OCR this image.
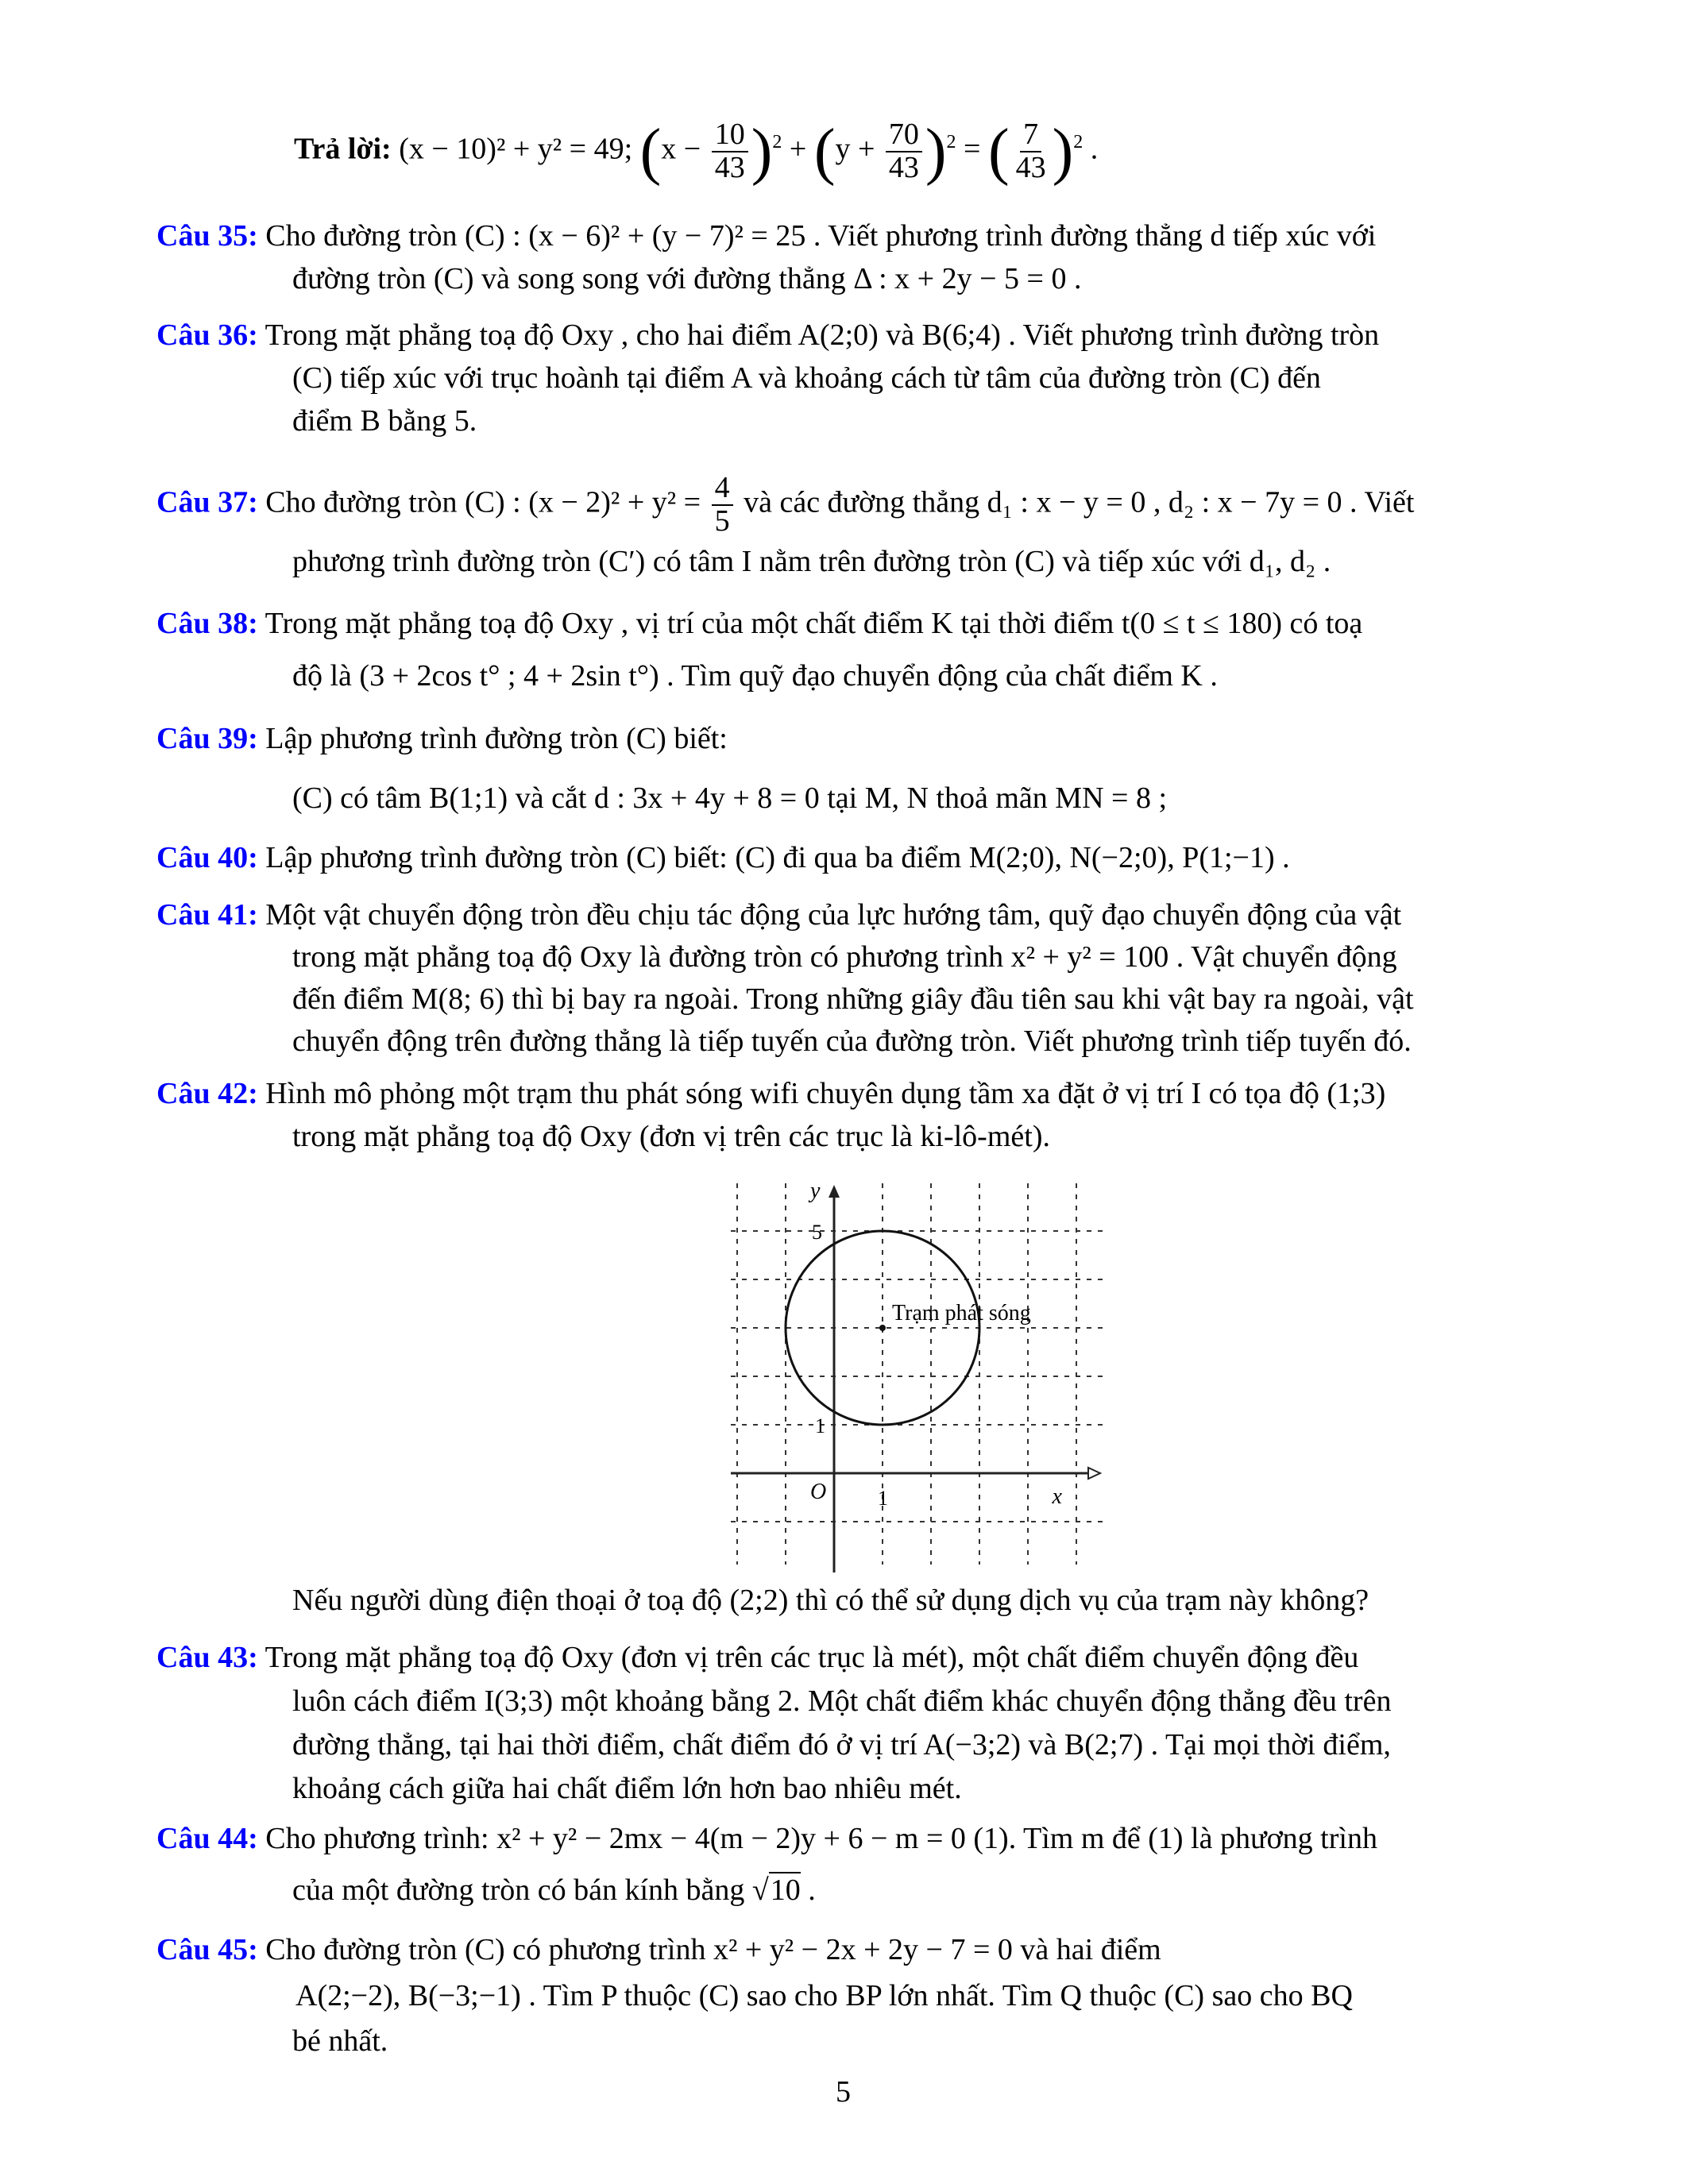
Trả lời: (x − 10)² + y² = 49; $(x - \frac{10}{43} )^2 + (y + \frac{70}{43} )^2$ = ( $\frac{7}{43} )^2$ .
Câu 35: Cho đường tròn (C) : (x − 6)² + (y − 7)² = 25 . Viết phương trình đường thẳng d tiếp xúc với
đường tròn (C) và song song với đường thẳng Δ : x + 2y − 5 = 0 .
Câu 36: Trong mặt phẳng toạ độ Oxy , cho hai điểm A(2;0) và B(6;4) . Viết phương trình đường tròn
(C) tiếp xúc với trục hoành tại điểm A và khoảng cách từ tâm của đường tròn (C) đến
điểm B bằng 5.
Câu 37: Cho đường tròn (C) : $(x - 2)^2 + y^2 = \frac{4}{5}$ và các đường thẳng d₁ : x − y = 0 , d₂ : x − 7y = 0 . Viết
phương trình đường tròn (C′) có tâm I nằm trên đường tròn (C) và tiếp xúc với d₁, d₂ .
Câu 38: Trong mặt phẳng toạ độ Oxy , vị trí của một chất điểm K tại thời điểm t(0 ≤ t ≤ 180) có toạ
độ là (3 + 2cos t° ; 4 + 2sin t°) . Tìm quỹ đạo chuyển động của chất điểm K .
Câu 39: Lập phương trình đường tròn (C) biết:
(C) có tâm B(1;1) và cắt d : 3x + 4y + 8 = 0 tại M, N thoả mãn MN = 8 ;
Câu 40: Lập phương trình đường tròn (C) biết: (C) đi qua ba điểm M(2;0), N(−2;0), P(1;−1) .
Câu 41: Một vật chuyển động tròn đều chịu tác động của lực hướng tâm, quỹ đạo chuyển động của vật
trong mặt phẳng toạ độ Oxy là đường tròn có phương trình x² + y² = 100 . Vật chuyển động
đến điểm M(8; 6) thì bị bay ra ngoài. Trong những giây đầu tiên sau khi vật bay ra ngoài, vật
chuyển động trên đường thẳng là tiếp tuyến của đường tròn. Viết phương trình tiếp tuyến đó.
Câu 42: Hình mô phỏng một trạm thu phát sóng wifi chuyên dụng tầm xa đặt ở vị trí I có tọa độ (1;3)
trong mặt phẳng toạ độ Oxy (đơn vị trên các trục là ki-lô-mét).
Trạm phát sóng
y
x
O 1
1
5
Nếu người dùng điện thoại ở toạ độ (2;2) thì có thể sử dụng dịch vụ của trạm này không?
Câu 43: Trong mặt phẳng toạ độ Oxy (đơn vị trên các trục là mét), một chất điểm chuyển động đều
luôn cách điểm I(3;3) một khoảng bằng 2. Một chất điểm khác chuyển động thẳng đều trên
đường thẳng, tại hai thời điểm, chất điểm đó ở vị trí A(−3;2) và B(2;7) . Tại mọi thời điểm,
khoảng cách giữa hai chất điểm lớn hơn bao nhiêu mét.
Câu 44: Cho phương trình: x² + y² − 2mx − 4(m − 2)y + 6 − m = 0 (1). Tìm m để (1) là phương trình
của một đường tròn có bán kính bằng √10 .
Câu 45: Cho đường tròn (C) có phương trình x² + y² − 2x + 2y − 7 = 0 và hai điểm
A(2;−2), B(−3;−1) . Tìm P thuộc (C) sao cho BP lớn nhất. Tìm Q thuộc (C) sao cho BQ
bé nhất.
5
